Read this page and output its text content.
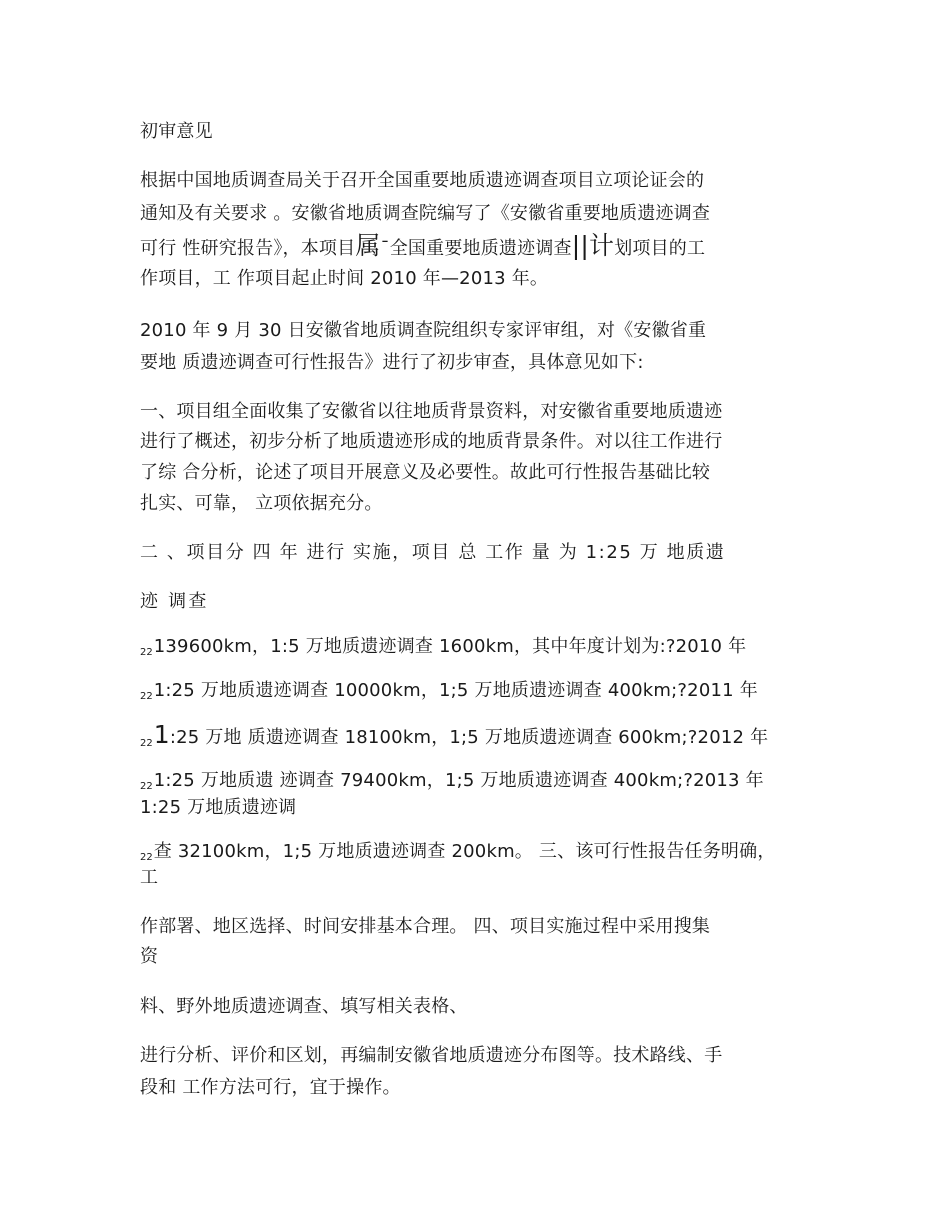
初审意见

根据中国地质调查局关于召开全国重要地质遗迹调查项目立项论证会的

通知及有关要求 。安徽省地质调查院编写了《安徽省重要地质遗迹调查

可行 性研究报告》，本项目属¯全国重要地质遗迹调查||计划项目的工

作项目，工 作项目起止时间 2010 年—2013 年。

2010 年 9 月 30 日安徽省地质调查院组织专家评审组，对《安徽省重

要地 质遗迹调查可行性报告》进行了初步审查，具体意见如下:

一、项目组全面收集了安徽省以往地质背景资料，对安徽省重要地质遗迹

进行了概述，初步分析了地质遗迹形成的地质背景条件。对以往工作进行

了综 合分析，论述了项目开展意义及必要性。故此可行性报告基础比较

扎实、可靠， 立项依据充分。

二 、项目分 四 年 进行 实施，项目 总 工作 量 为 1:25 万 地质遗

迹 调查

22139600km，1:5 万地质遗迹调查 1600km，其中年度计划为:?2010 年

221:25 万地质遗迹调查 10000km，1;5 万地质遗迹调查 400km;?2011 年

221:25 万地 质遗迹调查 18100km，1;5 万地质遗迹调查 600km;?2012 年

221:25 万地质遗 迹调查 79400km，1;5 万地质遗迹调查 400km;?2013 年

1:25 万地质遗迹调

22查 32100km，1;5 万地质遗迹调查 200km。 三、该可行性报告任务明确，

工

作部署、地区选择、时间安排基本合理。 四、项目实施过程中采用搜集

资

料、野外地质遗迹调查、填写相关表格、

进行分析、评价和区划，再编制安徽省地质遗迹分布图等。技术路线、手

段和 工作方法可行，宜于操作。
